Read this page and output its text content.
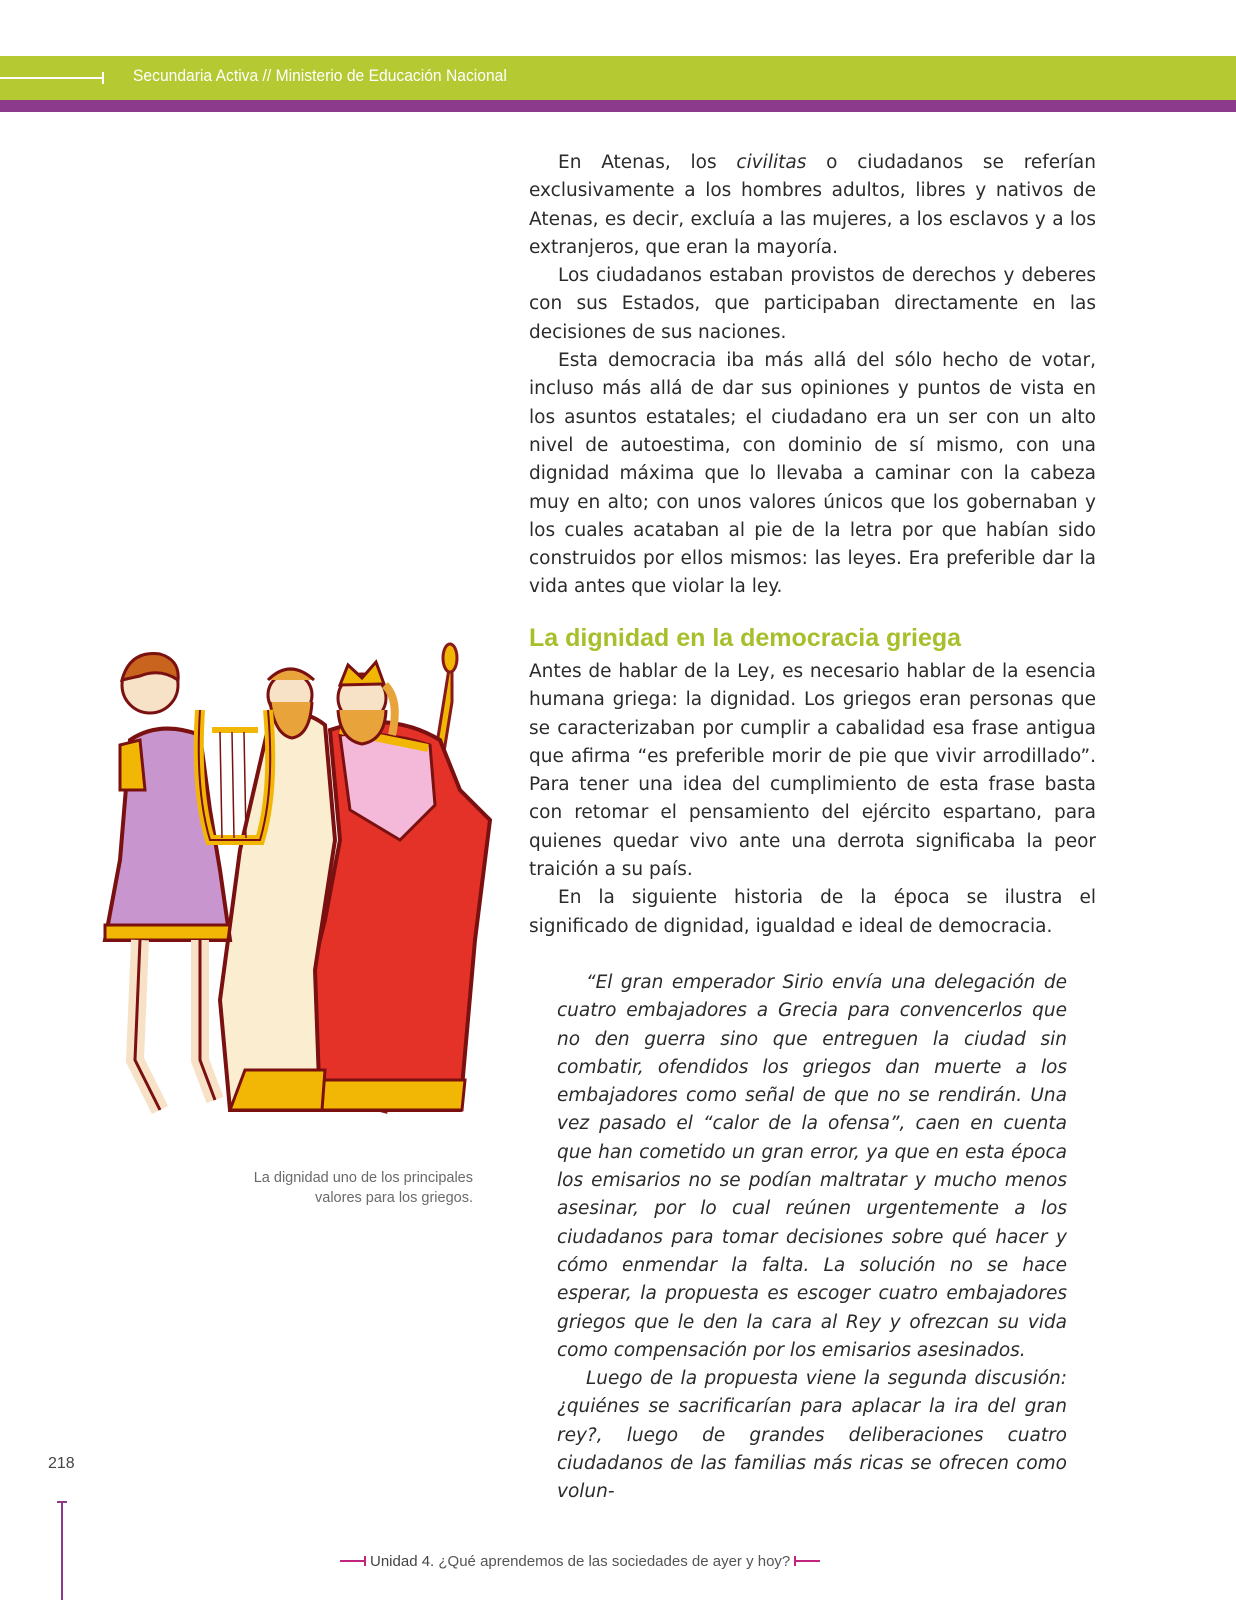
Secundaria Activa // Ministerio de Educación Nacional

En Atenas, los civilitas o ciudadanos se referían exclusivamente a los hombres adultos, libres y nativos de Atenas, es decir, excluía a las mujeres, a los esclavos y a los extranjeros, que eran la mayoría.

Los ciudadanos estaban provistos de derechos y deberes con sus Estados, que participaban directamente en las decisiones de sus naciones.

Esta democracia iba más allá del sólo hecho de votar, incluso más allá de dar sus opiniones y puntos de vista en los asuntos estatales; el ciudadano era un ser con un alto nivel de autoestima, con dominio de sí mismo, con una dignidad máxima que lo llevaba a caminar con la cabeza muy en alto; con unos valores únicos que los gobernaban y los cuales acataban al pie de la letra por que habían sido construidos por ellos mismos: las leyes. Era preferible dar la vida antes que violar la ley.

La dignidad en la democracia griega

Antes de hablar de la Ley, es necesario hablar de la esencia humana griega: la dignidad. Los griegos eran personas que se caracterizaban por cumplir a cabalidad esa frase antigua que afirma “es preferible morir de pie que vivir arrodillado”. Para tener una idea del cumplimiento de esta frase basta con retomar el pensamiento del ejército espartano, para quienes quedar vivo ante una derrota significaba la peor traición a su país.

En la siguiente historia de la época se ilustra el significado de dignidad, igualdad e ideal de democracia.

“El gran emperador Sirio envía una delegación de cuatro embajadores a Grecia para convencerlos que no den guerra sino que entreguen la ciudad sin combatir, ofendidos los griegos dan muerte a los embajadores como señal de que no se rendirán. Una vez pasado el “calor de la ofensa”, caen en cuenta que han cometido un gran error, ya que en esta época los emisarios no se podían maltratar y mucho menos asesinar, por lo cual reúnen urgentemente a los ciudadanos para tomar decisiones sobre qué hacer y cómo enmendar la falta. La solución no se hace esperar, la propuesta es escoger cuatro embajadores griegos que le den la cara al Rey y ofrezcan su vida como compensación por los emisarios asesinados.

Luego de la propuesta viene la segunda discusión: ¿quiénes se sacrificarían para aplacar la ira del gran rey?, luego de grandes deliberaciones cuatro ciudadanos de las familias más ricas se ofrecen como volun-

La dignidad uno de los principales
valores para los griegos.
218
Unidad 4. ¿Qué aprendemos de las sociedades de ayer y hoy?
